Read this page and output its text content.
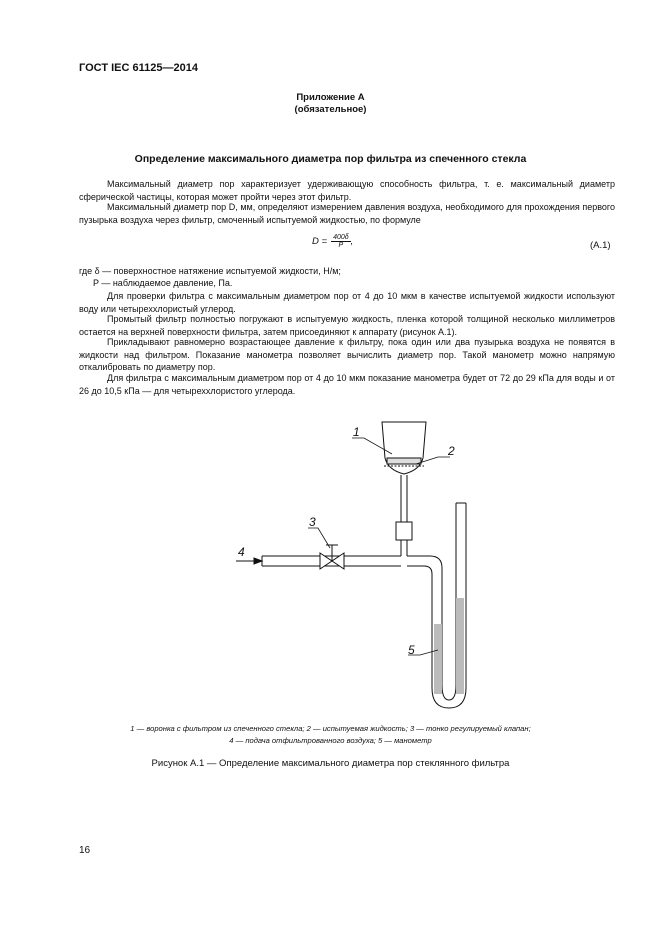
ГОСТ IEC 61125—2014
Приложение А
(обязательное)
Определение максимального диаметра пор фильтра из спеченного стекла
Максимальный диаметр пор характеризует удерживающую способность фильтра, т. е. максимальный диаметр сферической частицы, которая может пройти через этот фильтр.
Максимальный диаметр пор D, мм, определяют измерением давления воздуха, необходимого для прохождения первого пузырька воздуха через фильтр, смоченный испытуемой жидкостью, по формуле
$D = \frac{400\delta}{P}$ ,	(А.1)
где δ — поверхностное натяжение испытуемой жидкости, Н/м;
P — наблюдаемое давление, Па.
Для проверки фильтра с максимальным диаметром пор от 4 до 10 мкм в качестве испытуемой жидкости используют воду или четыреххлористый углерод.
Промытый фильтр полностью погружают в испытуемую жидкость, пленка которой толщиной несколько миллиметров остается на верхней поверхности фильтра, затем присоединяют к аппарату (рисунок А.1).
Прикладывают равномерно возрастающее давление к фильтру, пока один или два пузырька воздуха не появятся в жидкости над фильтром. Показание манометра позволяет вычислить диаметр пор. Такой манометр можно напрямую откалибровать по диаметру пор.
Для фильтра с максимальным диаметром пор от 4 до 10 мкм показание манометра будет от 72 до 29 кПа для воды и от 26 до 10,5 кПа — для четыреххлористого углерода.
1
2
3
4
5
1 — воронка с фильтром из спеченного стекла; 2 — испытуемая жидкость; 3 — тонко регулируемый клапан;
4 — подача отфильтрованного воздуха; 5 — манометр
Рисунок А.1 — Определение максимального диаметра пор стеклянного фильтра
16
